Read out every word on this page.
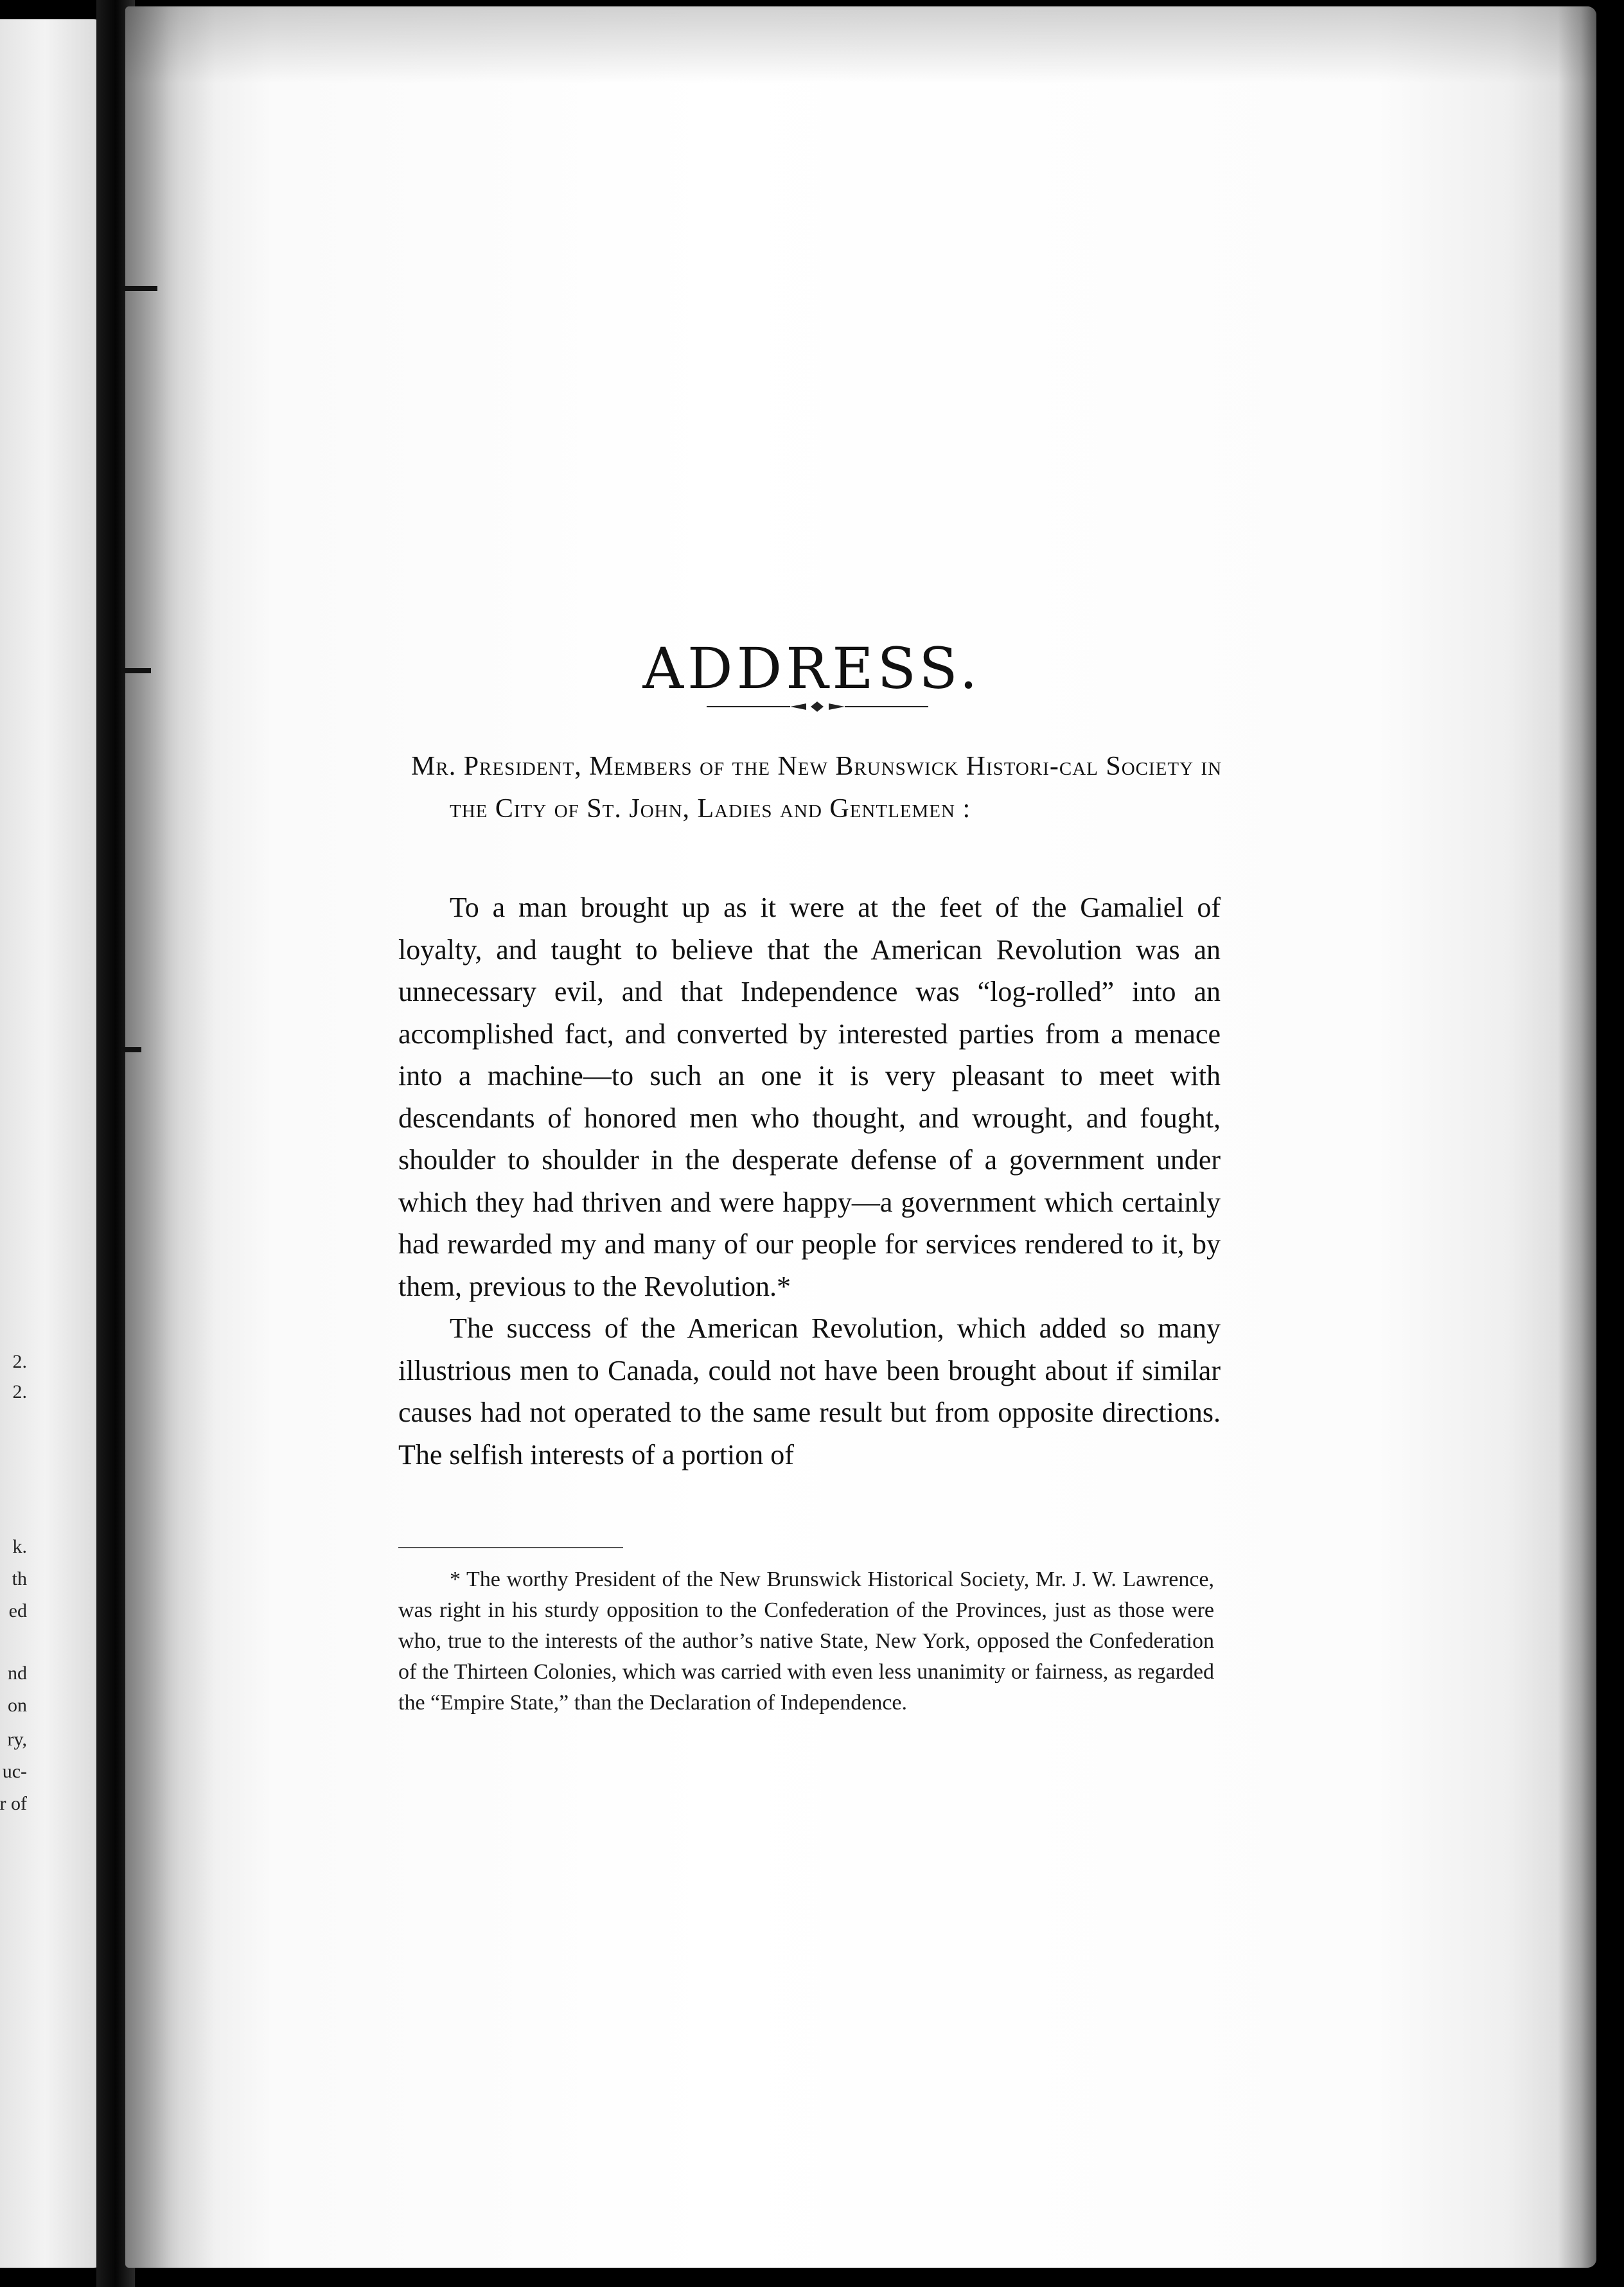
2.
2.
k.
th
ed
nd
on
ry,
uc-
r of
ADDRESS.
Mr. President, Members of the New Brunswick Histori-cal Society in the City of St. John, Ladies and Gentlemen :

To a man brought up as it were at the feet of the Gamaliel of loyalty, and taught to believe that the American Revolution was an unnecessary evil, and that Independence was “log-rolled” into an accomplished fact, and converted by interested parties from a menace into a machine—to such an one it is very pleasant to meet with descendants of honored men who thought, and wrought, and fought, shoulder to shoulder in the desperate defense of a government under which they had thriven and were happy—a government which certainly had rewarded my and many of our people for services rendered to it, by them, previous to the Revolution.*

The success of the American Revolution, which added so many illustrious men to Canada, could not have been brought about if similar causes had not operated to the same result but from opposite directions. The selfish interests of a portion of

* The worthy President of the New Brunswick Historical Society, Mr. J. W. Lawrence, was right in his sturdy opposition to the Confederation of the Provinces, just as those were who, true to the interests of the author’s native State, New York, opposed the Confederation of the Thirteen Colonies, which was carried with even less unanimity or fairness, as regarded the “Empire State,” than the Declaration of Independence.
